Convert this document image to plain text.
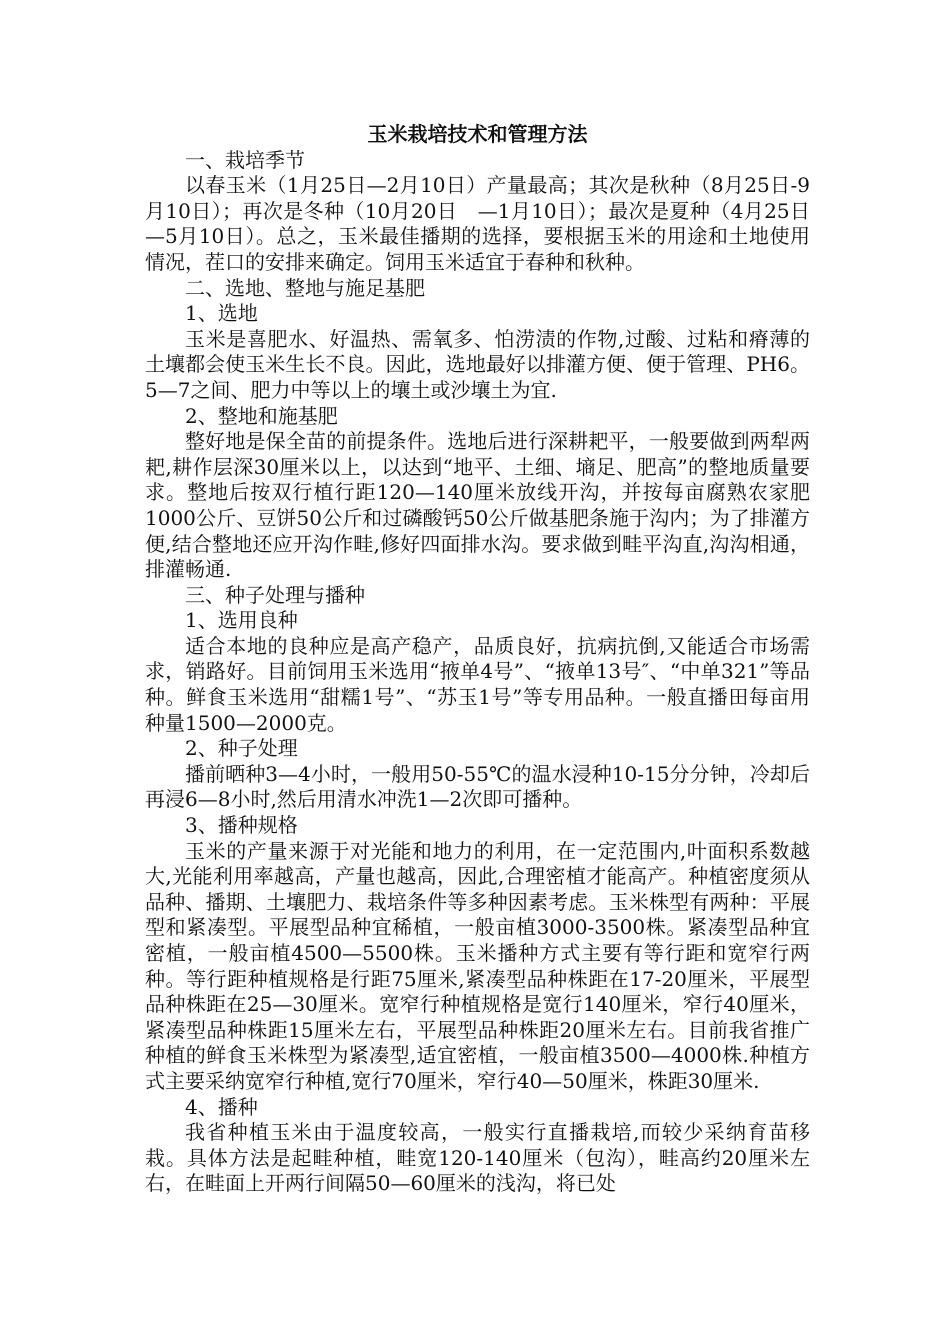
玉米栽培技术和管理方法

一、栽培季节

以春玉米（1月25日—2月10日）产量最高；其次是秋种（8月25日-9月10日）；再次是冬种（10月20日　—1月10日）；最次是夏种（4月25日—5月10日）。总之，玉米最佳播期的选择，要根据玉米的用途和土地使用情况，茬口的安排来确定。饲用玉米适宜于春种和秋种。

二、选地、整地与施足基肥

1、选地

玉米是喜肥水、好温热、需氧多、怕涝渍的作物,过酸、过粘和瘠薄的土壤都会使玉米生长不良。因此，选地最好以排灌方便、便于管理、PH6。5—7之间、肥力中等以上的壤土或沙壤土为宜.

2、整地和施基肥

整好地是保全苗的前提条件。选地后进行深耕耙平，一般要做到两犁两耙,耕作层深30厘米以上，以达到“地平、土细、墒足、肥高”的整地质量要求。整地后按双行植行距120—140厘米放线开沟，并按每亩腐熟农家肥1000公斤、豆饼50公斤和过磷酸钙50公斤做基肥条施于沟内；为了排灌方便,结合整地还应开沟作畦,修好四面排水沟。要求做到畦平沟直,沟沟相通，排灌畅通.

三、种子处理与播种

1、选用良种

适合本地的良种应是高产稳产，品质良好，抗病抗倒,又能适合市场需求，销路好。目前饲用玉米选用“掖单4号”、“掖单13号″、“中单321”等品种。鲜食玉米选用“甜糯1号”、“苏玉1号”等专用品种。一般直播田每亩用种量1500—2000克。

2、种子处理

播前晒种3—4小时，一般用50-55℃的温水浸种10-15分分钟，冷却后再浸6—8小时,然后用清水冲洗1—2次即可播种。

3、播种规格

玉米的产量来源于对光能和地力的利用，在一定范围内,叶面积系数越大,光能利用率越高，产量也越高，因此,合理密植才能高产。种植密度须从品种、播期、土壤肥力、栽培条件等多种因素考虑。玉米株型有两种：平展型和紧凑型。平展型品种宜稀植，一般亩植3000-3500株。紧凑型品种宜密植，一般亩植4500—5500株。玉米播种方式主要有等行距和宽窄行两种。等行距种植规格是行距75厘米,紧凑型品种株距在17-20厘米，平展型品种株距在25—30厘米。宽窄行种植规格是宽行140厘米，窄行40厘米，紧凑型品种株距15厘米左右，平展型品种株距20厘米左右。目前我省推广种植的鲜食玉米株型为紧凑型,适宜密植，一般亩植3500—4000株.种植方式主要采纳宽窄行种植,宽行70厘米，窄行40—50厘米，株距30厘米.

4、播种

我省种植玉米由于温度较高，一般实行直播栽培,而较少采纳育苗移栽。具体方法是起畦种植，畦宽120-140厘米（包沟），畦高约20厘米左右，在畦面上开两行间隔50—60厘米的浅沟，将已处
